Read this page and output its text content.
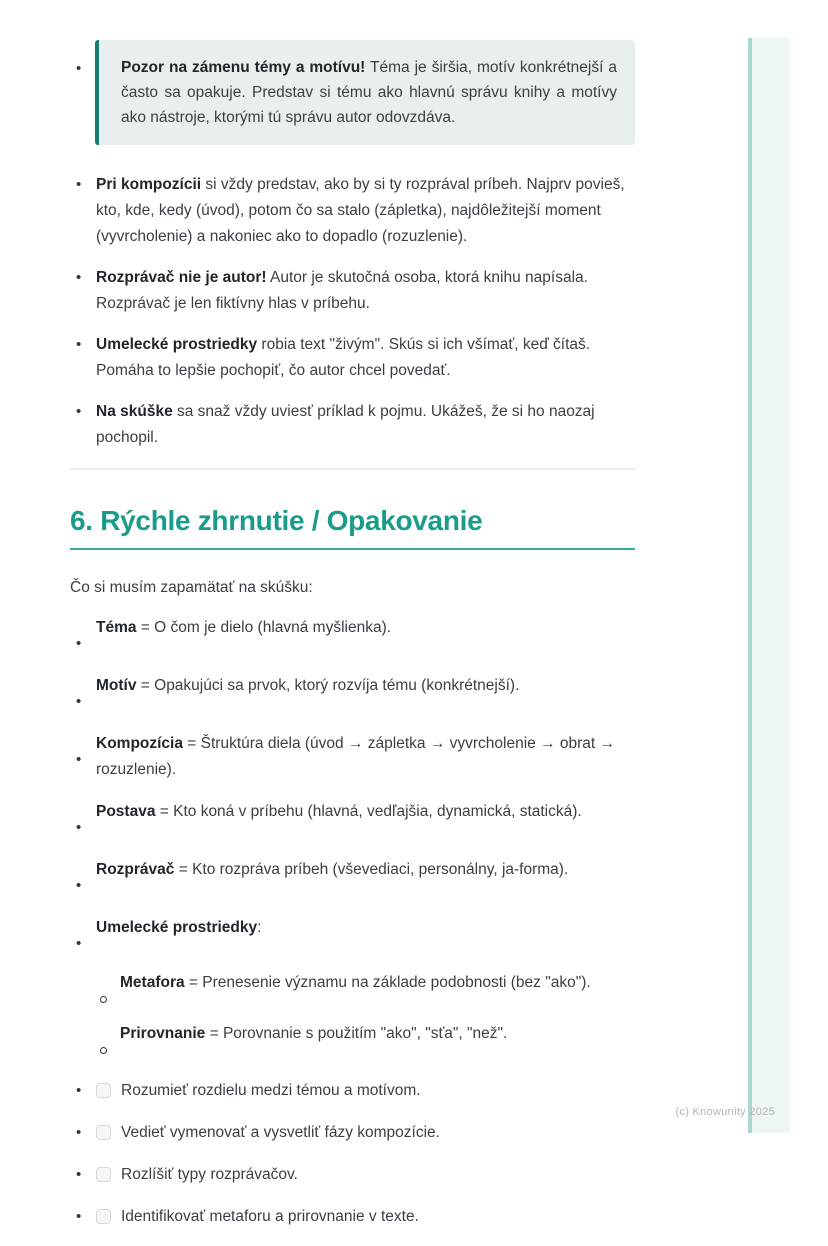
•	Pozor na zámenu témy a motívu! Téma je širšia, motív konkrétnejší a často sa opakuje. Predstav si tému ako hlavnú správu knihy a motívy ako nástroje, ktorými tú správu autor odovzdáva.
• Pri kompozícii si vždy predstav, ako by si ty rozprával príbeh. Najprv povieš, kto, kde, kedy (úvod), potom čo sa stalo (zápletka), najdôležitejší moment (vyvrcholenie) a nakoniec ako to dopadlo (rozuzlenie).
• Rozprávač nie je autor! Autor je skutočná osoba, ktorá knihu napísala. Rozprávač je len fiktívny hlas v príbehu.
• Umelecké prostriedky robia text "živým". Skús si ich všímať, keď čítaš. Pomáha to lepšie pochopiť, čo autor chcel povedať.
• Na skúške sa snaž vždy uviesť príklad k pojmu. Ukážeš, že si ho naozaj pochopil.
6. Rýchle zhrnutie / Opakovanie

Čo si musím zapamätať na skúšku:

•
Téma = O čom je dielo (hlavná myšlienka).
•
Motív = Opakujúci sa prvok, ktorý rozvíja tému (konkrétnejší).
•
Kompozícia = Štruktúra diela (úvod → zápletka → vyvrcholenie → obrat → rozuzlenie).
•
Postava = Kto koná v príbehu (hlavná, vedľajšia, dynamická, statická).
•
Rozprávač = Kto rozpráva príbeh (vševediaci, personálny, ja-forma).
•
Umelecké prostriedky:
Metafora = Prenesenie významu na základe podobnosti (bez "ako").
Prirovnanie = Porovnanie s použitím "ako", "sťa", "než".
•	Rozumieť rozdielu medzi témou a motívom.
•	Vedieť vymenovať a vysvetliť fázy kompozície.
•	Rozlíšiť typy rozprávačov.
•	Identifikovať metaforu a prirovnanie v texte.
(c) Knowunity 2025
